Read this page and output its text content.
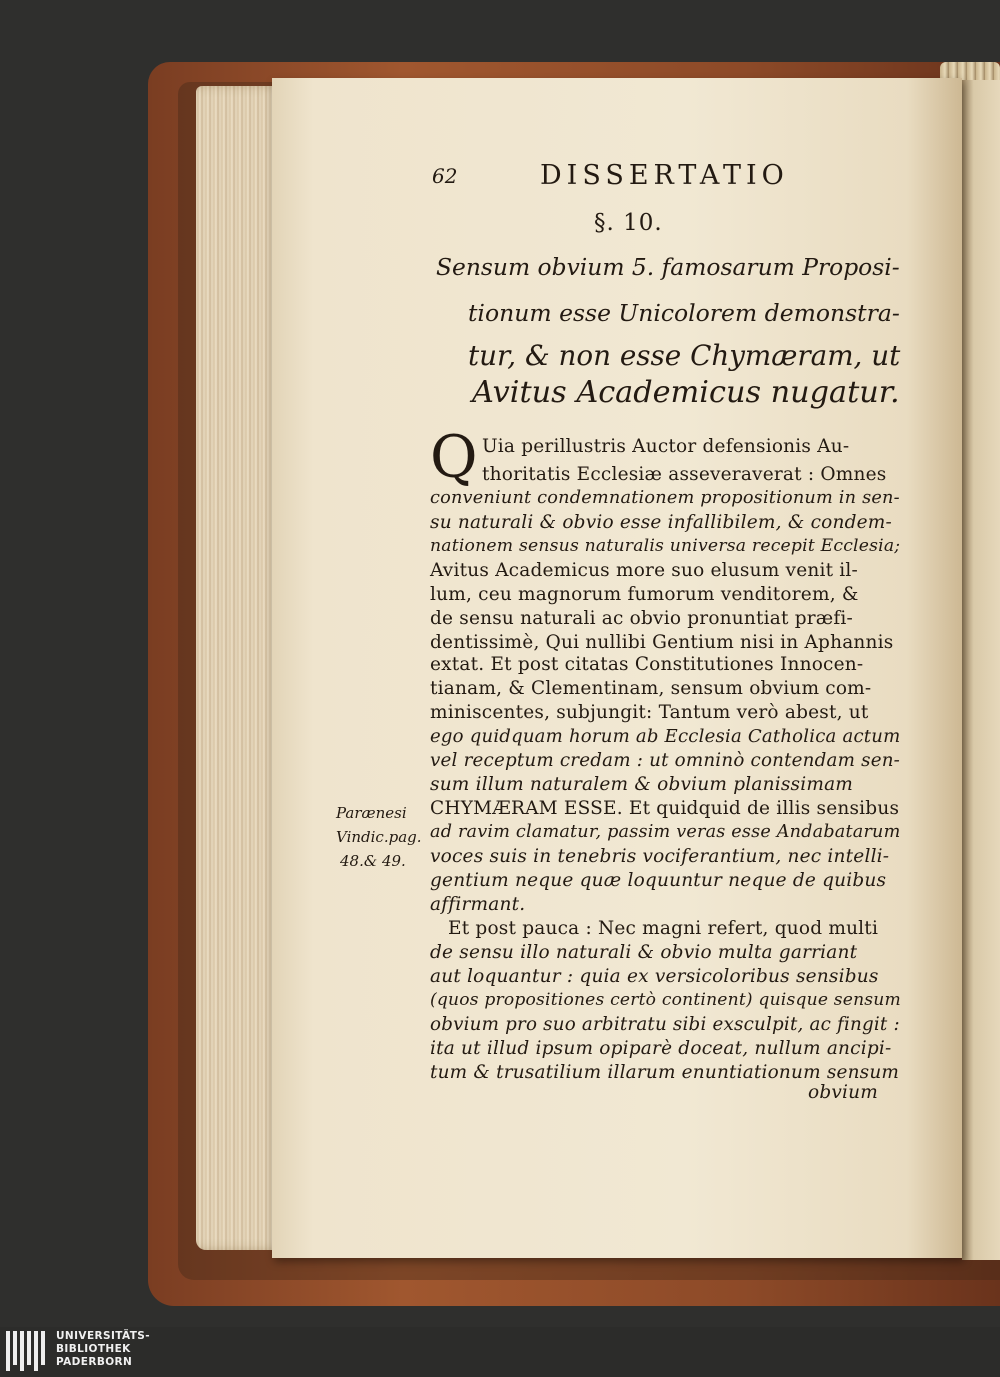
62	DISSERTATIO

§. 10.

Sensum obvium 5. famosarum Proposi-

tionum esse Unicolorem demonstra-

tur, & non esse Chymæram, ut

Avitus Academicus nugatur.

Q Uia perillustris Auctor defensionis Au-

thoritatis Ecclesiæ asseveraverat : Omnes

conveniunt condemnationem propositionum in sen-

su naturali & obvio esse infallibilem, & condem-

nationem sensus naturalis universa recepit Ecclesia;

Avitus Academicus more suo elusum venit il-

lum, ceu magnorum fumorum venditorem, &

de sensu naturali ac obvio pronuntiat præfi-

dentissimè, Qui nullibi Gentium nisi in Aphannis

extat. Et post citatas Constitutiones Innocen-

tianam, & Clementinam, sensum obvium com-

miniscentes, subjungit: Tantum verò abest, ut

ego quidquam horum ab Ecclesia Catholica actum

vel receptum credam : ut omninò contendam sen-

sum illum naturalem & obvium planissimam

CHYMÆRAM ESSE. Et quidquid de illis sensibus

ad ravim clamatur, passim veras esse Andabatarum

voces suis in tenebris vociferantium, nec intelli-

gentium neque quæ loquuntur neque de quibus

affirmant.

Et post pauca : Nec magni refert, quod multi

de sensu illo naturali & obvio multa garriant

aut loquantur : quia ex versicoloribus sensibus

(quos propositiones certò continent) quisque sensum

obvium pro suo arbitratu sibi exsculpit, ac fingit :

ita ut illud ipsum opiparè doceat, nullum ancipi-

tum & trusatilium illarum enuntiationum sensum

obvium

Parænesi

Vindic.pag.

48.& 49.

UNIVERSITÄTS-

BIBLIOTHEK

PADERBORN
